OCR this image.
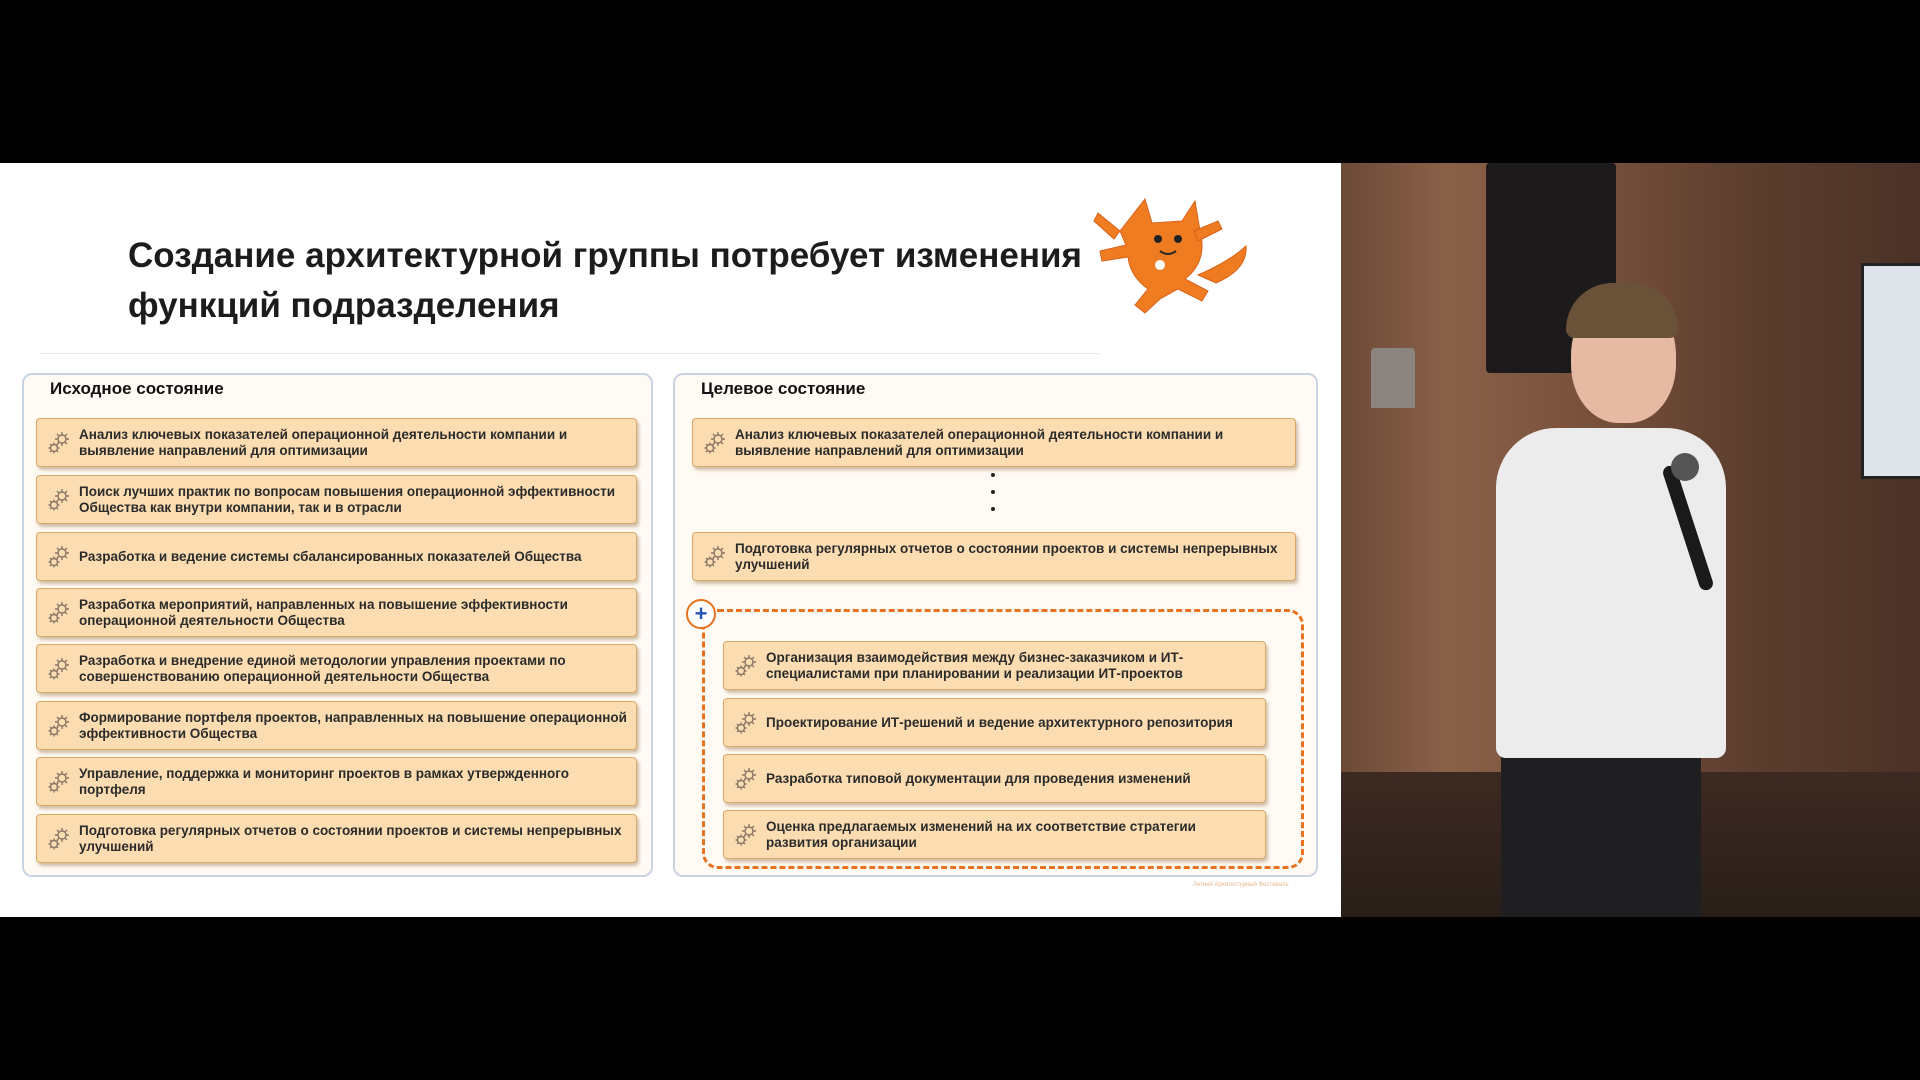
Создание архитектурной группы потребует изменения
функций подразделения
Исходное состояние
Анализ ключевых показателей операционной деятельности компании и выявление направлений для оптимизации
Поиск лучших практик по вопросам повышения операционной эффективности Общества как внутри компании, так и в отрасли
Разработка и ведение системы сбалансированных показателей Общества
Разработка мероприятий, направленных на повышение эффективности операционной деятельности Общества
Разработка и внедрение единой методологии управления проектами по совершенствованию операционной деятельности Общества
Формирование портфеля проектов, направленных на повышение операционной эффективности Общества
Управление, поддержка и мониторинг проектов в рамках утвержденного портфеля
Подготовка регулярных отчетов о состоянии проектов и системы непрерывных улучшений
Целевое состояние
Анализ ключевых показателей операционной деятельности компании и выявление направлений для оптимизации
Подготовка регулярных отчетов о состоянии проектов и системы непрерывных улучшений
+
Организация взаимодействия между бизнес-заказчиком и ИТ-специалистами при планировании и реализации ИТ-проектов
Проектирование ИТ-решений и ведение архитектурного репозитория
Разработка типовой документации для проведения изменений
Оценка предлагаемых изменений на их соответствие стратегии развития организации
Летний Архитектурный Фестиваль
